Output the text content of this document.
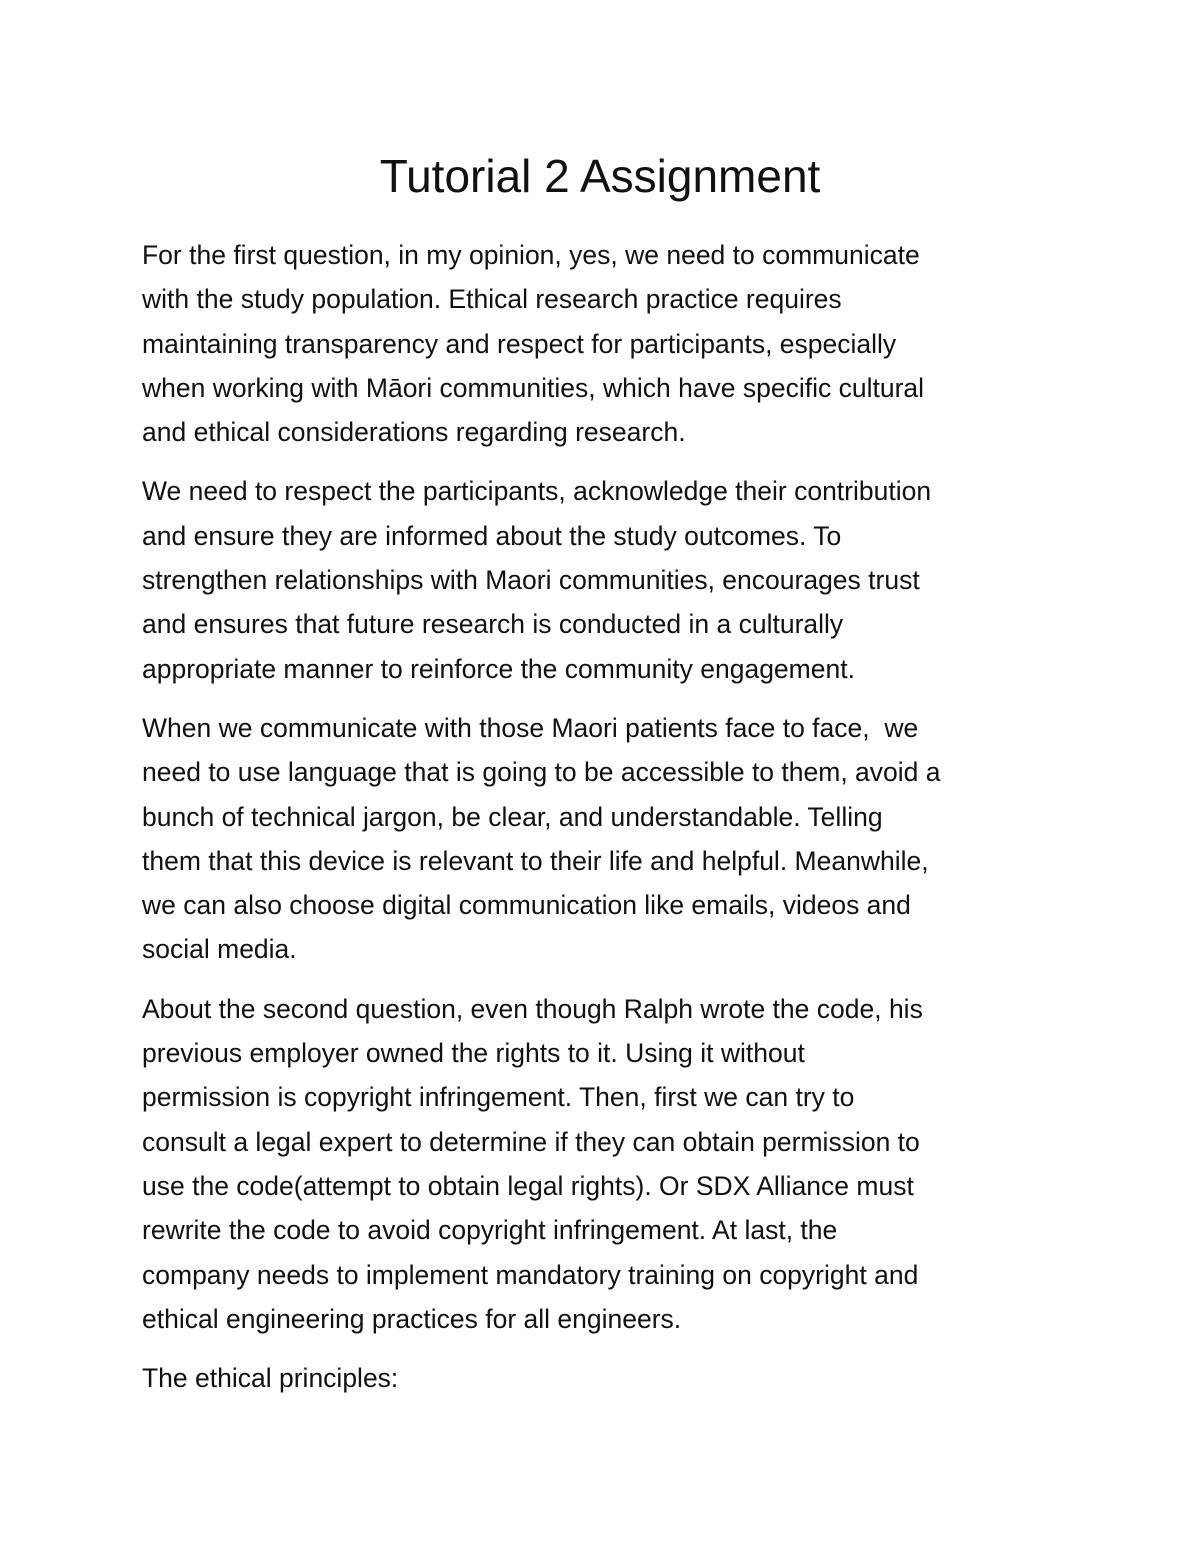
Tutorial 2 Assignment

For the first question, in my opinion, yes, we need to communicate
with the study population. Ethical research practice requires
maintaining transparency and respect for participants, especially
when working with Māori communities, which have specific cultural
and ethical considerations regarding research.

We need to respect the participants, acknowledge their contribution
and ensure they are informed about the study outcomes. To
strengthen relationships with Maori communities, encourages trust
and ensures that future research is conducted in a culturally
appropriate manner to reinforce the community engagement.

When we communicate with those Maori patients face to face,  we
need to use language that is going to be accessible to them, avoid a
bunch of technical jargon, be clear, and understandable. Telling
them that this device is relevant to their life and helpful. Meanwhile,
we can also choose digital communication like emails, videos and
social media.

About the second question, even though Ralph wrote the code, his
previous employer owned the rights to it. Using it without
permission is copyright infringement. Then, first we can try to
consult a legal expert to determine if they can obtain permission to
use the code(attempt to obtain legal rights). Or SDX Alliance must
rewrite the code to avoid copyright infringement. At last, the
company needs to implement mandatory training on copyright and
ethical engineering practices for all engineers.

The ethical principles:
